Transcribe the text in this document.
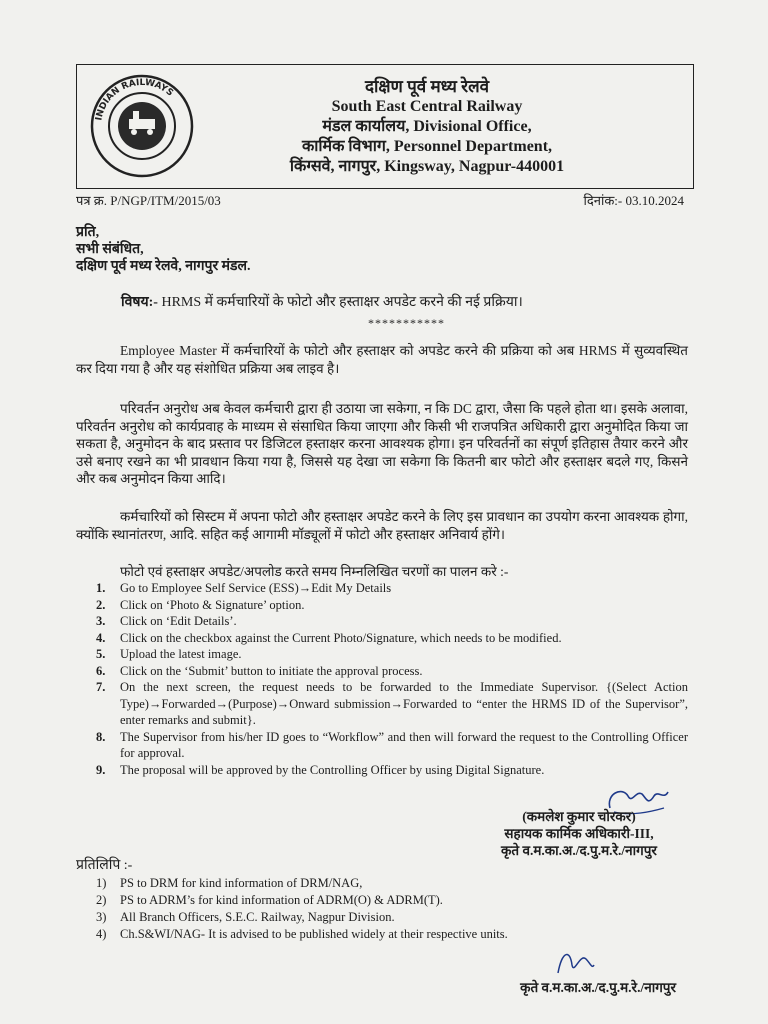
INDIAN RAILWAYS	दक्षिण पूर्व मध्य रेलवे
South East Central Railway
मंडल कार्यालय, Divisional Office,
कार्मिक विभाग, Personnel Department,
किंग्सवे, नागपुर, Kingsway, Nagpur-440001
पत्र क्र. P/NGP/ITM/2015/03	दिनांक:- 03.10.2024
प्रति,
सभी संबंधित,
दक्षिण पूर्व मध्य रेलवे, नागपुर मंडल.
विषय:- HRMS में कर्मचारियों के फोटो और हस्ताक्षर अपडेट करने की नई प्रक्रिया।
***********
Employee Master में कर्मचारियों के फोटो और हस्ताक्षर को अपडेट करने की प्रक्रिया को अब HRMS में सुव्यवस्थित कर दिया गया है और यह संशोधित प्रक्रिया अब लाइव है।
परिवर्तन अनुरोध अब केवल कर्मचारी द्वारा ही उठाया जा सकेगा, न कि DC द्वारा, जैसा कि पहले होता था। इसके अलावा, परिवर्तन अनुरोध को कार्यप्रवाह के माध्यम से संसाधित किया जाएगा और किसी भी राजपत्रित अधिकारी द्वारा अनुमोदित किया जा सकता है, अनुमोदन के बाद प्रस्ताव पर डिजिटल हस्ताक्षर करना आवश्यक होगा। इन परिवर्तनों का संपूर्ण इतिहास तैयार करने और उसे बनाए रखने का भी प्रावधान किया गया है, जिससे यह देखा जा सकेगा कि कितनी बार फोटो और हस्ताक्षर बदले गए, किसने और कब अनुमोदन किया आदि।
कर्मचारियों को सिस्टम में अपना फोटो और हस्ताक्षर अपडेट करने के लिए इस प्रावधान का उपयोग करना आवश्यक होगा, क्योंकि स्थानांतरण, आदि. सहित कई आगामी मॉड्यूलों में फोटो और हस्ताक्षर अनिवार्य होंगे।
फोटो एवं हस्ताक्षर अपडेट/अपलोड करते समय निम्नलिखित चरणों का पालन करे :-
1. Go to Employee Self Service (ESS)→Edit My Details
2. Click on ‘Photo & Signature’ option.
3. Click on ‘Edit Details’.
4. Click on the checkbox against the Current Photo/Signature, which needs to be modified.
5. Upload the latest image.
6. Click on the ‘Submit’ button to initiate the approval process.
7. On the next screen, the request needs to be forwarded to the Immediate Supervisor. {(Select Action Type)→Forwarded→(Purpose)→Onward submission→Forwarded to “enter the HRMS ID of the Supervisor”, enter remarks and submit}.
8. The Supervisor from his/her ID goes to “Workflow” and then will forward the request to the Controlling Officer for approval.
9. The proposal will be approved by the Controlling Officer by using Digital Signature.
(कमलेश कुमार चोरकर)
सहायक कार्मिक अधिकारी-III,
कृते व.म.का.अ./द.पु.म.रे./नागपुर
प्रतिलिपि :-
1) PS to DRM for kind information of DRM/NAG,
2) PS to ADRM’s for kind information of ADRM(O) & ADRM(T).
3) All Branch Officers, S.E.C. Railway, Nagpur Division.
4) Ch.S&WI/NAG- It is advised to be published widely at their respective units.
कृते व.म.का.अ./द.पु.म.रे./नागपुर
